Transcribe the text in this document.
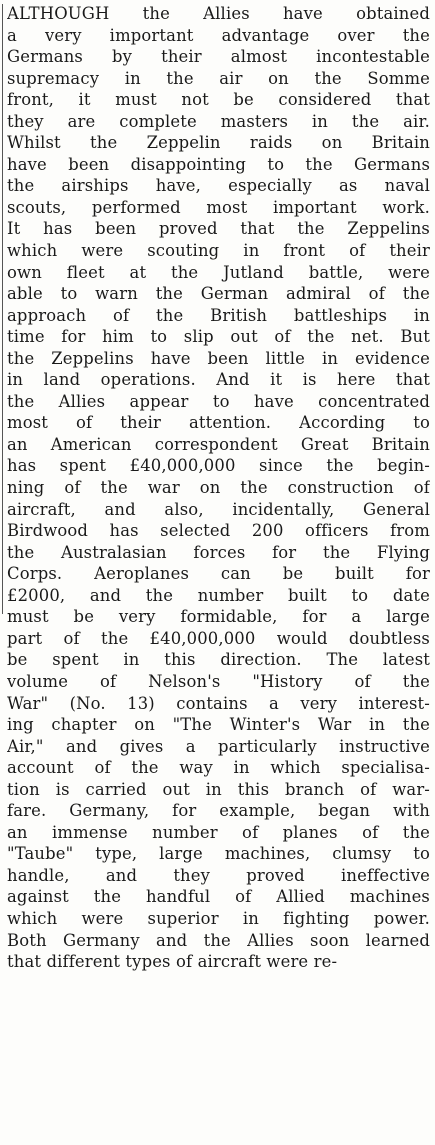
ALTHOUGH the Allies have obtained
a very important advantage over the
Germans by their almost incontestable
supremacy in the air on the Somme
front, it must not be considered that
they are complete masters in the air.
Whilst the Zeppelin raids on Britain
have been disappointing to the Germans
the airships have, especially as naval
scouts, performed most important work.
It has been proved that the Zeppelins
which were scouting in front of their
own fleet at the Jutland battle, were
able to warn the German admiral of the
approach of the British battleships in
time for him to slip out of the net. But
the Zeppelins have been little in evidence
in land operations. And it is here that
the Allies appear to have concentrated
most of their attention. According to
an American correspondent Great Britain
has spent £40,000,000 since the begin-
ning of the war on the construction of
aircraft, and also, incidentally, General
Birdwood has selected 200 officers from
the Australasian forces for the Flying
Corps. Aeroplanes can be built for
£2000, and the number built to date
must be very formidable, for a large
part of the £40,000,000 would doubtless
be spent in this direction. The latest
volume of Nelson's "History of the
War" (No. 13) contains a very interest-
ing chapter on "The Winter's War in the
Air," and gives a particularly instructive
account of the way in which specialisa-
tion is carried out in this branch of war-
fare. Germany, for example, began with
an immense number of planes of the
"Taube" type, large machines, clumsy to
handle, and they proved ineffective
against the handful of Allied machines
which were superior in fighting power.
Both Germany and the Allies soon learned
that different types of aircraft were re-
